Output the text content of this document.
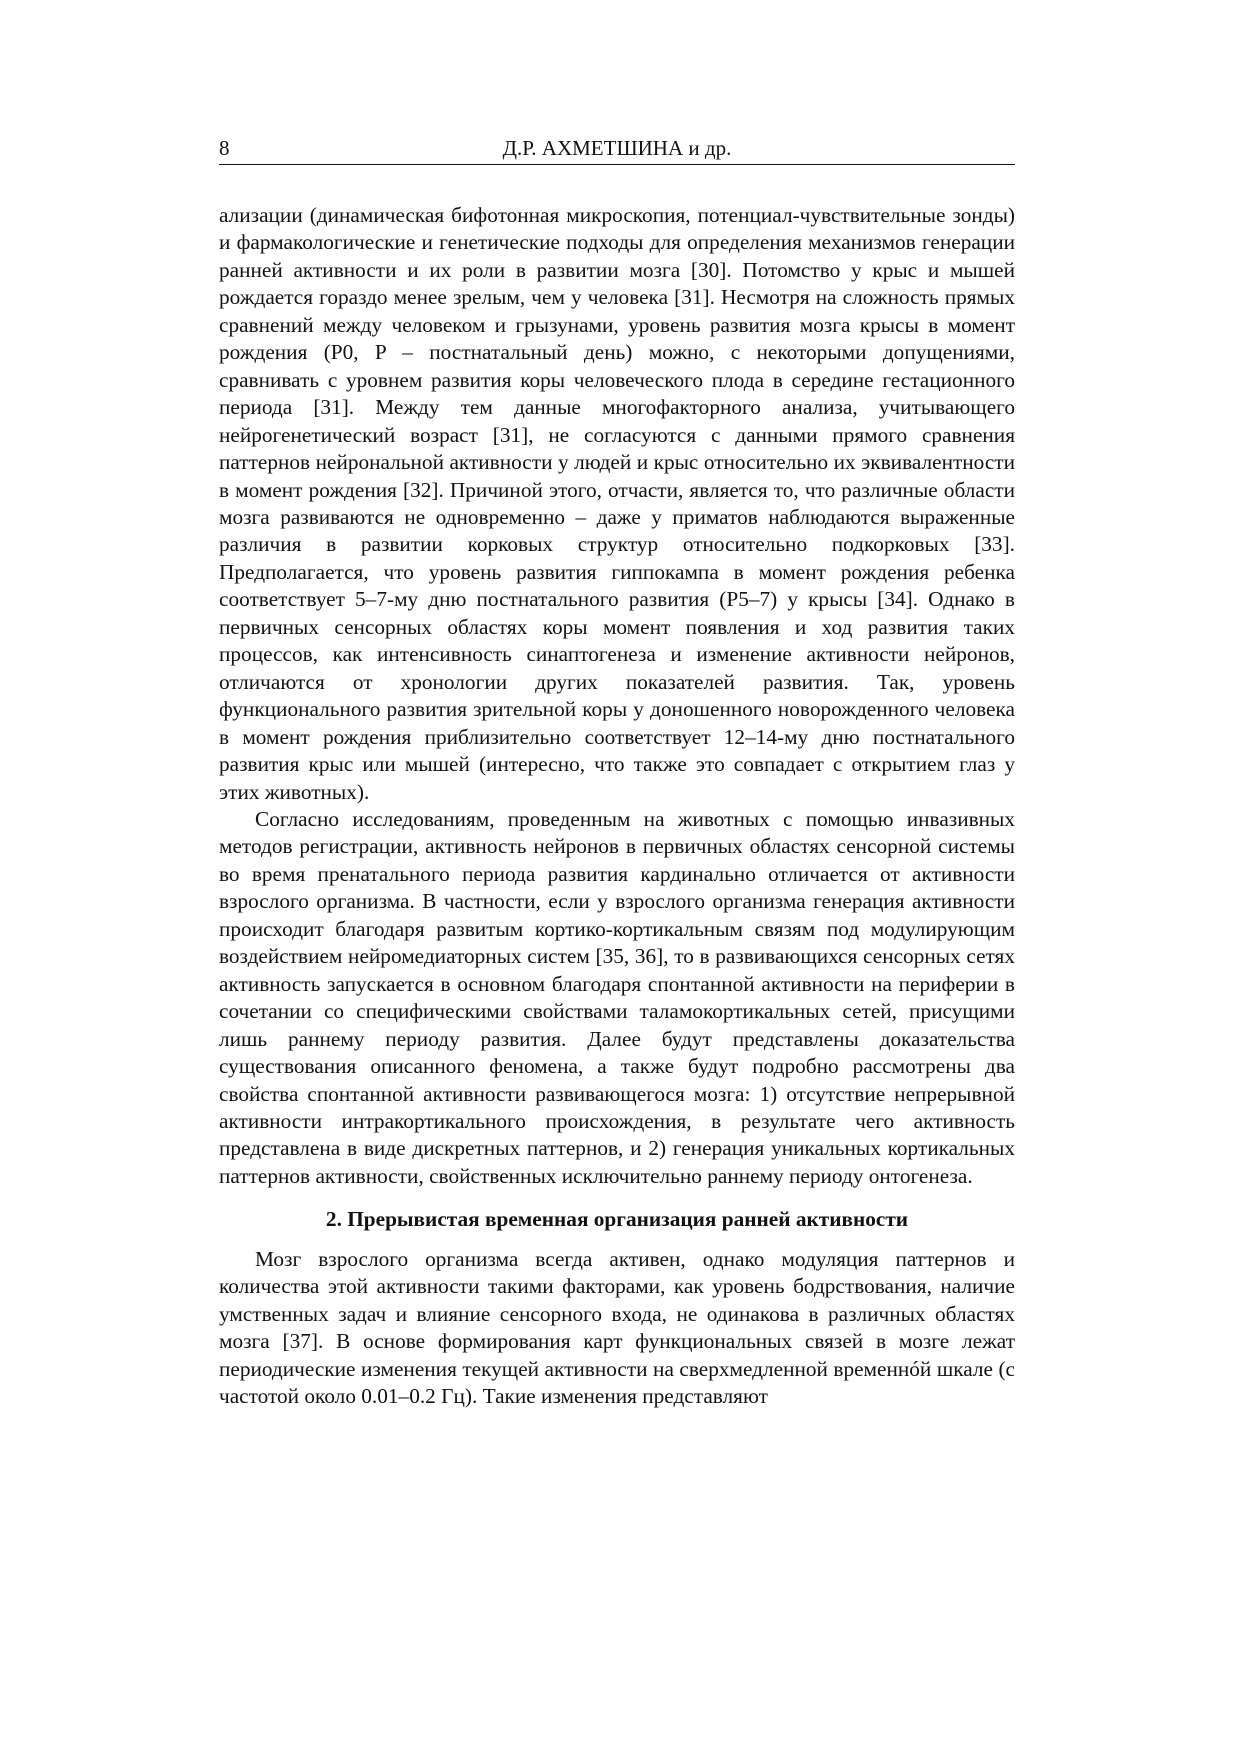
8	Д.Р. АХМЕТШИНА и др.

ализации (динамическая бифотонная микроскопия, потенциал-чувствительные зонды) и фармакологические и генетические подходы для определения механизмов генерации ранней активности и их роли в развитии мозга [30]. Потомство у крыс и мышей рождается гораздо менее зрелым, чем у человека [31]. Несмотря на сложность прямых сравнений между человеком и грызунами, уровень развития мозга крысы в момент рождения (P0, P – постнатальный день) можно, с некоторыми допущениями, сравнивать с уровнем развития коры человеческого плода в середине гестационного периода [31]. Между тем данные многофакторного анализа, учитывающего нейрогенетический возраст [31], не согласуются с данными прямого сравнения паттернов нейрональной активности у людей и крыс относительно их эквивалентности в момент рождения [32]. Причиной этого, отчасти, является то, что различные области мозга развиваются не одновременно – даже у приматов наблюдаются выраженные различия в развитии корковых структур относительно подкорковых [33]. Предполагается, что уровень развития гиппокампа в момент рождения ребенка соответствует 5–7-му дню постнатального развития (P5–7) у крысы [34]. Однако в первичных сенсорных областях коры момент появления и ход развития таких процессов, как интенсивность синаптогенеза и изменение активности нейронов, отличаются от хронологии других показателей развития. Так, уровень функционального развития зрительной коры у доношенного новорожденного человека в момент рождения приблизительно соответствует 12–14-му дню постнатального развития крыс или мышей (интересно, что также это совпадает с открытием глаз у этих животных).

Согласно исследованиям, проведенным на животных с помощью инвазивных методов регистрации, активность нейронов в первичных областях сенсорной системы во время пренатального периода развития кардинально отличается от активности взрослого организма. В частности, если у взрослого организма генерация активности происходит благодаря развитым кортико-кортикальным связям под модулирующим воздействием нейромедиаторных систем [35, 36], то в развивающихся сенсорных сетях активность запускается в основном благодаря спонтанной активности на периферии в сочетании со специфическими свойствами таламокортикальных сетей, присущими лишь раннему периоду развития. Далее будут представлены доказательства существования описанного феномена, а также будут подробно рассмотрены два свойства спонтанной активности развивающегося мозга: 1) отсутствие непрерывной активности интракортикального происхождения, в результате чего активность представлена в виде дискретных паттернов, и 2) генерация уникальных кортикальных паттернов активности, свойственных исключительно раннему периоду онтогенеза.

2. Прерывистая временная организация ранней активности

Мозг взрослого организма всегда активен, однако модуляция паттернов и количества этой активности такими факторами, как уровень бодрствования, наличие умственных задач и влияние сенсорного входа, не одинакова в различных областях мозга [37]. В основе формирования карт функциональных связей в мозге лежат периодические изменения текущей активности на сверхмедленной временнóй шкале (с частотой около 0.01–0.2 Гц). Такие изменения представляют
